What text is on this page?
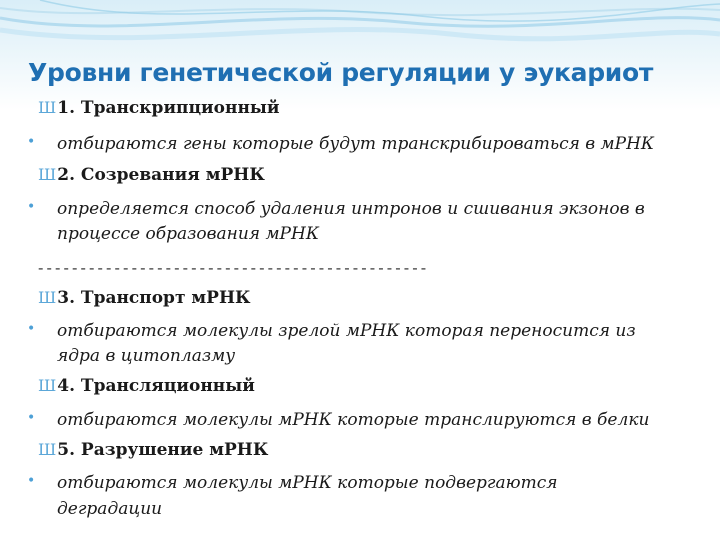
Уровни генетической регуляции у эукариот
Ш1. Транскрипционный
• отбираются гены которые будут транскрибироваться в мРНК
Ш2. Созревания мРНК
• определяется способ удаления интронов и сшивания экзонов в
процессе образования мРНК
----------------------------------------------
Ш3. Транспорт мРНК
• отбираются молекулы зрелой мРНК которая переносится из
ядра в цитоплазму
Ш4. Трансляционный
• отбираются молекулы мРНК которые транслируются в белки
Ш5. Разрушение мРНК
• отбираются молекулы мРНК которые подвергаются
деградации
